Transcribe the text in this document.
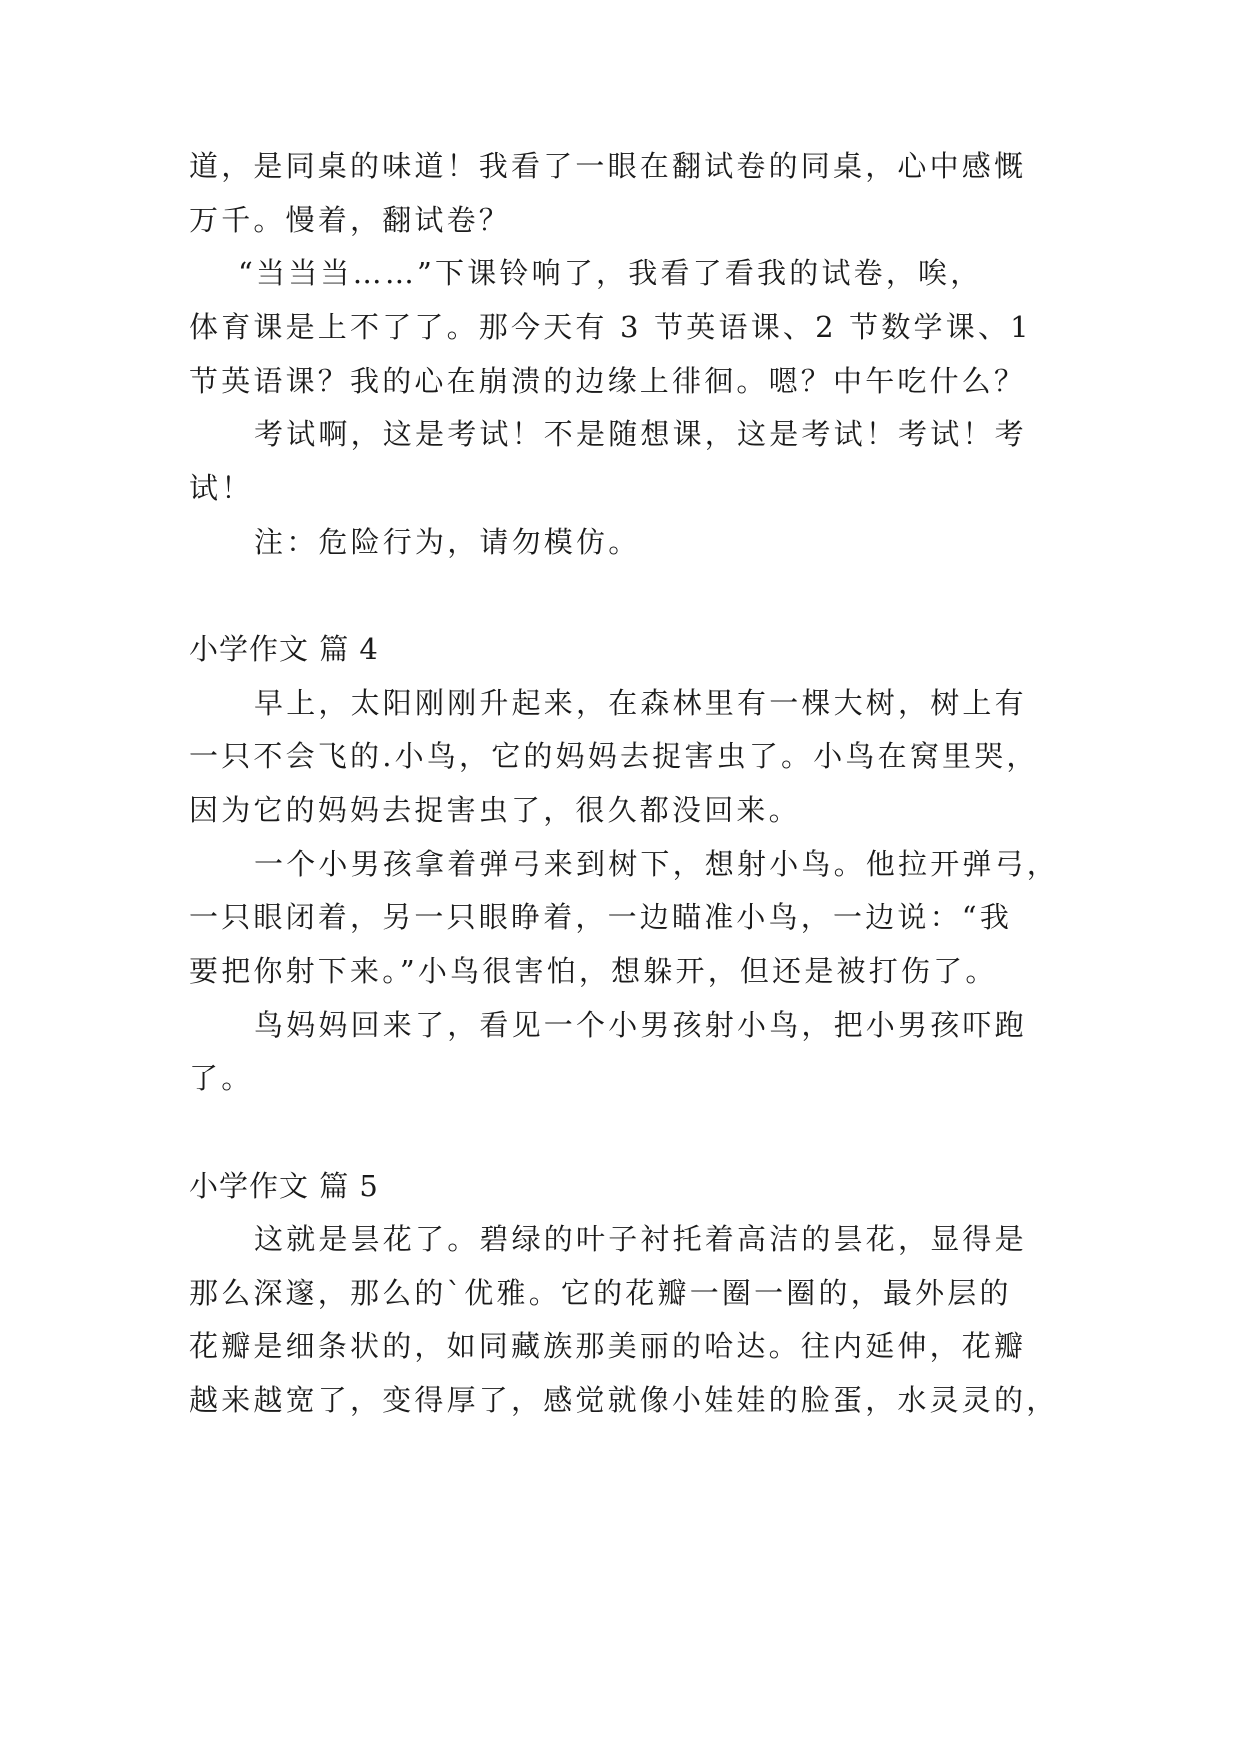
道，是同桌的味道！我看了一眼在翻试卷的同桌，心中感慨
万千。慢着，翻试卷？
“当当当……”下课铃响了，我看了看我的试卷，唉，
体育课是上不了了。那今天有 3 节英语课、2 节数学课、1
节英语课？我的心在崩溃的边缘上徘徊。嗯？中午吃什么？
考试啊，这是考试！不是随想课，这是考试！考试！考
试！
注：危险行为，请勿模仿。
小学作文 篇 4
早上，太阳刚刚升起来，在森林里有一棵大树，树上有
一只不会飞的.小鸟，它的妈妈去捉害虫了。小鸟在窝里哭，
因为它的妈妈去捉害虫了，很久都没回来。
一个小男孩拿着弹弓来到树下，想射小鸟。他拉开弹弓，
一只眼闭着，另一只眼睁着，一边瞄准小鸟，一边说：“我
要把你射下来。”小鸟很害怕，想躲开，但还是被打伤了。
鸟妈妈回来了，看见一个小男孩射小鸟，把小男孩吓跑
了。
小学作文 篇 5
这就是昙花了。碧绿的叶子衬托着高洁的昙花，显得是
那么深邃，那么的`优雅。它的花瓣一圈一圈的，最外层的
花瓣是细条状的，如同藏族那美丽的哈达。往内延伸，花瓣
越来越宽了，变得厚了，感觉就像小娃娃的脸蛋，水灵灵的，
